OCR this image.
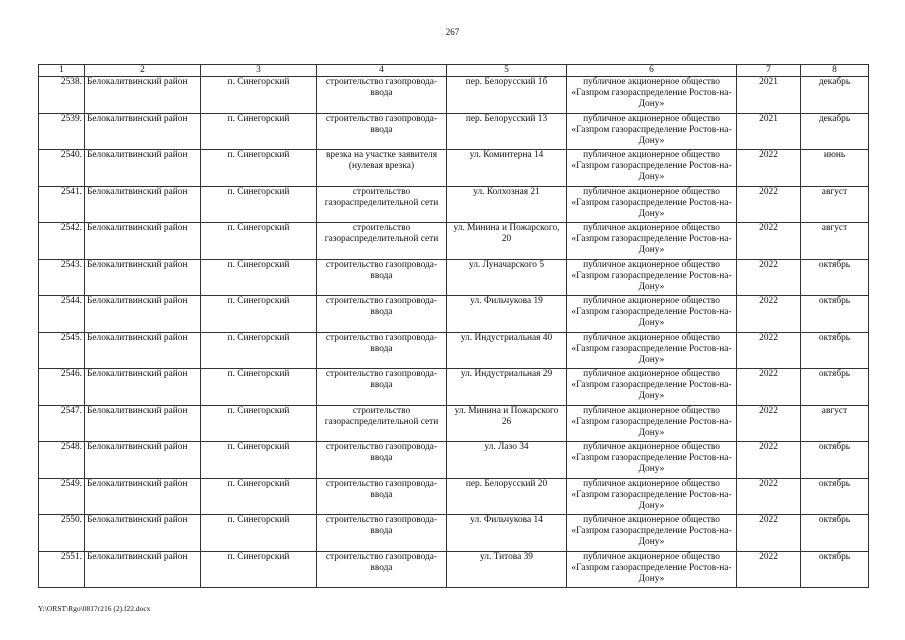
267
1	2	3	4	5	6	7	8
2538.	Белокалитвинский район	п. Синегорский	строительство газопровода-ввода	пер. Белорусский 1б	публичное акционерное общество «Газпром газораспределение Ростов-на-Дону»	2021	декабрь
2539.	Белокалитвинский район	п. Синегорский	строительство газопровода-ввода	пер. Белорусский 13	публичное акционерное общество «Газпром газораспределение Ростов-на-Дону»	2021	декабрь
2540.	Белокалитвинский район	п. Синегорский	врезка на участке заявителя (нулевая врезка)	ул. Коминтерна 14	публичное акционерное общество «Газпром газораспределение Ростов-на-Дону»	2022	июнь
2541.	Белокалитвинский район	п. Синегорский	строительство газораспределительной сети	ул. Колхозная 21	публичное акционерное общество «Газпром газораспределение Ростов-на-Дону»	2022	август
2542.	Белокалитвинский район	п. Синегорский	строительство газораспределительной сети	ул. Минина и Пожарского, 20	публичное акционерное общество «Газпром газораспределение Ростов-на-Дону»	2022	август
2543.	Белокалитвинский район	п. Синегорский	строительство газопровода-ввода	ул. Луначарского 5	публичное акционерное общество «Газпром газораспределение Ростов-на-Дону»	2022	октябрь
2544.	Белокалитвинский район	п. Синегорский	строительство газопровода-ввода	ул. Фильчукова 19	публичное акционерное общество «Газпром газораспределение Ростов-на-Дону»	2022	октябрь
2545.	Белокалитвинский район	п. Синегорский	строительство газопровода-ввода	ул. Индустриальная 40	публичное акционерное общество «Газпром газораспределение Ростов-на-Дону»	2022	октябрь
2546.	Белокалитвинский район	п. Синегорский	строительство газопровода-ввода	ул. Индустриальная 29	публичное акционерное общество «Газпром газораспределение Ростов-на-Дону»	2022	октябрь
2547.	Белокалитвинский район	п. Синегорский	строительство газораспределительной сети	ул. Минина и Пожарского 26	публичное акционерное общество «Газпром газораспределение Ростов-на-Дону»	2022	август
2548.	Белокалитвинский район	п. Синегорский	строительство газопровода-ввода	ул. Лазо 34	публичное акционерное общество «Газпром газораспределение Ростов-на-Дону»	2022	октябрь
2549.	Белокалитвинский район	п. Синегорский	строительство газопровода-ввода	пер. Белорусский 20	публичное акционерное общество «Газпром газораспределение Ростов-на-Дону»	2022	октябрь
2550.	Белокалитвинский район	п. Синегорский	строительство газопровода-ввода	ул. Фильчукова 14	публичное акционерное общество «Газпром газораспределение Ростов-на-Дону»	2022	октябрь
2551.	Белокалитвинский район	п. Синегорский	строительство газопровода-ввода	ул. Титова 39	публичное акционерное общество «Газпром газораспределение Ростов-на-Дону»	2022	октябрь
Y:\ORST\Rgo\0817r216 (2).f22.docx
